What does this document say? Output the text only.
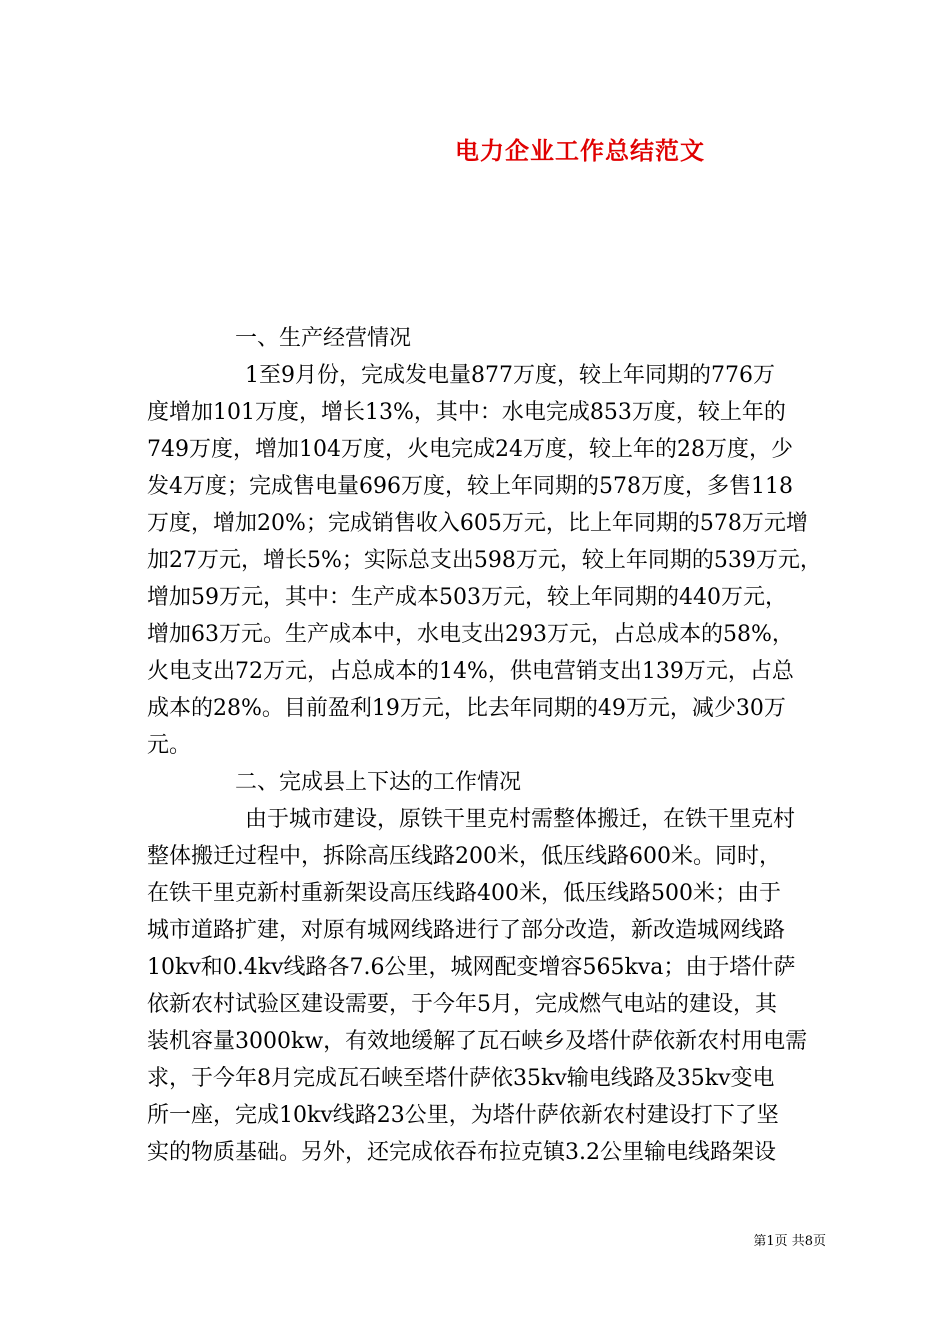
电力企业工作总结范文

一、生产经营情况

1至9月份，完成发电量877万度，较上年同期的776万
度增加101万度，增长13%，其中：水电完成853万度，较上年的
749万度，增加104万度，火电完成24万度，较上年的28万度，少
发4万度；完成售电量696万度，较上年同期的578万度，多售118
万度，增加20%；完成销售收入605万元，比上年同期的578万元增
加27万元，增长5%；实际总支出598万元，较上年同期的539万元，
增加59万元，其中：生产成本503万元，较上年同期的440万元，
增加63万元。生产成本中，水电支出293万元，占总成本的58%，
火电支出72万元，占总成本的14%，供电营销支出139万元，占总
成本的28%。目前盈利19万元，比去年同期的49万元，减少30万
元。

二、完成县上下达的工作情况

由于城市建设，原铁干里克村需整体搬迁，在铁干里克村
整体搬迁过程中，拆除高压线路200米，低压线路600米。同时，
在铁干里克新村重新架设高压线路400米，低压线路500米；由于
城市道路扩建，对原有城网线路进行了部分改造，新改造城网线路
10kv和0.4kv线路各7.6公里，城网配变增容565kva；由于塔什萨
依新农村试验区建设需要，于今年5月，完成燃气电站的建设，其
装机容量3000kw，有效地缓解了瓦石峡乡及塔什萨依新农村用电需
求，于今年8月完成瓦石峡至塔什萨依35kv输电线路及35kv变电
所一座，完成10kv线路23公里，为塔什萨依新农村建设打下了坚
实的物质基础。另外，还完成依吞布拉克镇3.2公里输电线路架设

第1页 共8页
